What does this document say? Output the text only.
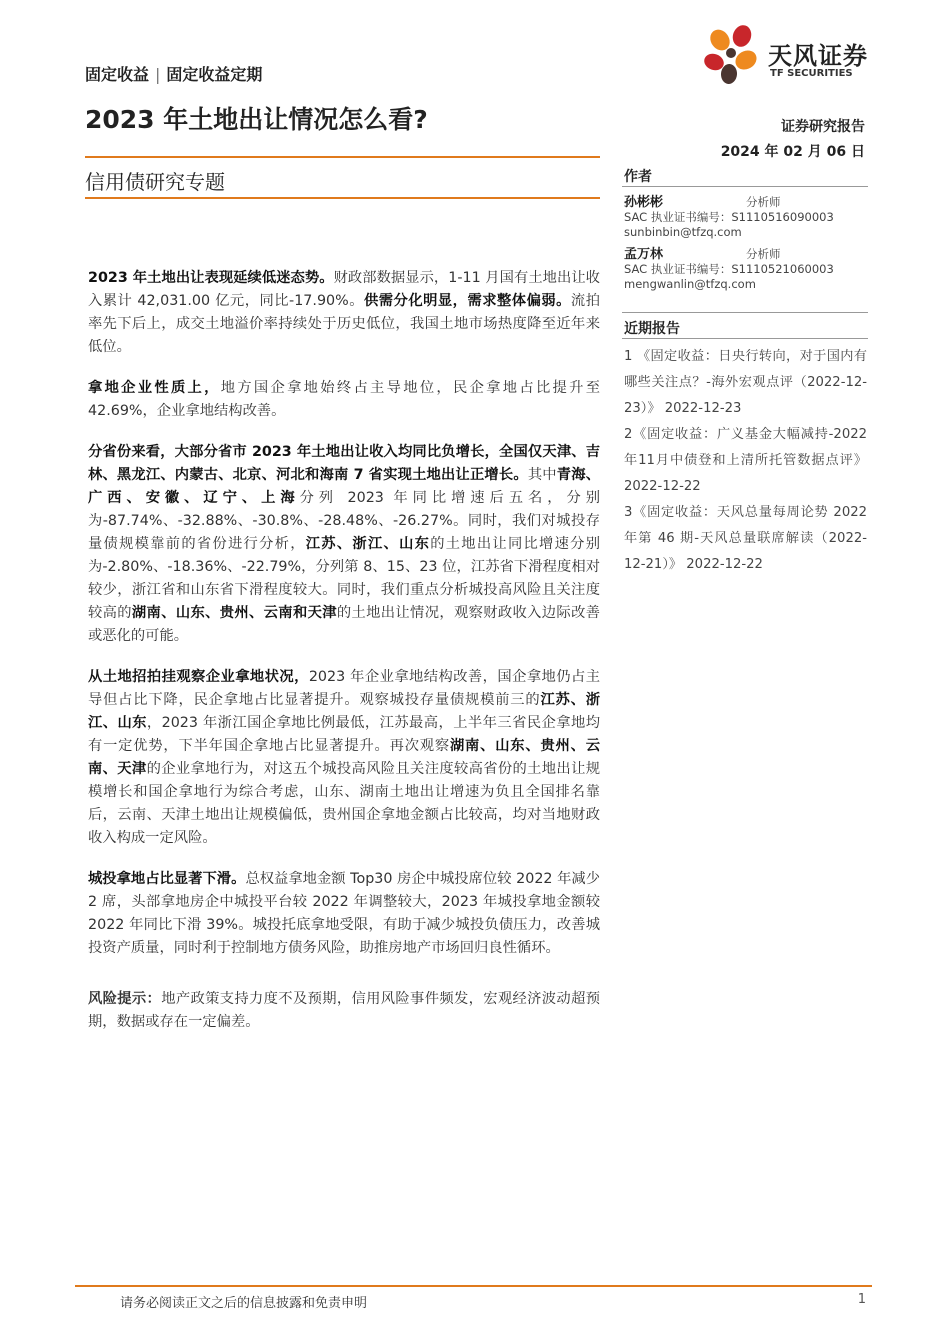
固定收益 | 固定收益定期
天风证券
TF SECURITIES
2023 年土地出让情况怎么看?	证券研究报告
2024 年 02 月 06 日
信用债研究专题

2023 年土地出让表现延续低迷态势。财政部数据显示，1-11 月国有土地出让收入累计 42,031.00 亿元，同比-17.90%。供需分化明显，需求整体偏弱。流拍率先下后上，成交土地溢价率持续处于历史低位，我国土地市场热度降至近年来低位。

拿地企业性质上，地方国企拿地始终占主导地位，民企拿地占比提升至 42.69%，企业拿地结构改善。

分省份来看，大部分省市 2023 年土地出让收入均同比负增长，全国仅天津、吉林、黑龙江、内蒙古、北京、河北和海南 7 省实现土地出让正增长。其中青海、广西、安徽、辽宁、上海分列 2023 年同比增速后五名，分别为-87.74%、-32.88%、-30.8%、-28.48%、-26.27%。同时，我们对城投存量债规模靠前的省份进行分析，江苏、浙江、山东的土地出让同比增速分别为-2.80%、-18.36%、-22.79%，分列第 8、15、23 位，江苏省下滑程度相对较少，浙江省和山东省下滑程度较大。同时，我们重点分析城投高风险且关注度较高的湖南、山东、贵州、云南和天津的土地出让情况，观察财政收入边际改善或恶化的可能。

从土地招拍挂观察企业拿地状况，2023 年企业拿地结构改善，国企拿地仍占主导但占比下降，民企拿地占比显著提升。观察城投存量债规模前三的江苏、浙江、山东，2023 年浙江国企拿地比例最低，江苏最高，上半年三省民企拿地均有一定优势，下半年国企拿地占比显著提升。再次观察湖南、山东、贵州、云南、天津的企业拿地行为，对这五个城投高风险且关注度较高省份的土地出让规模增长和国企拿地行为综合考虑，山东、湖南土地出让增速为负且全国排名靠后，云南、天津土地出让规模偏低，贵州国企拿地金额占比较高，均对当地财政收入构成一定风险。

城投拿地占比显著下滑。总权益拿地金额 Top30 房企中城投席位较 2022 年减少 2 席，头部拿地房企中城投平台较 2022 年调整较大，2023 年城投拿地金额较 2022 年同比下滑 39%。城投托底拿地受限，有助于减少城投负债压力，改善城投资产质量，同时利于控制地方债务风险，助推房地产市场回归良性循环。

风险提示：地产政策支持力度不及预期，信用风险事件频发，宏观经济波动超预期，数据或存在一定偏差。
作者
孙彬彬	分析师
SAC 执业证书编号：S1110516090003
sunbinbin@tfzq.com
孟万林	分析师
SAC 执业证书编号：S1110521060003
mengwanlin@tfzq.com
近期报告

1 《固定收益：日央行转向，对于国内有哪些关注点？-海外宏观点评（2022-12-23）》 2022-12-23

2《固定收益：广义基金大幅减持-2022年11月中债登和上清所托管数据点评》 2022-12-22

3《固定收益：天风总量每周论势 2022 年第 46 期-天风总量联席解读（2022-12-21）》 2022-12-22

请务必阅读正文之后的信息披露和免责申明	1
